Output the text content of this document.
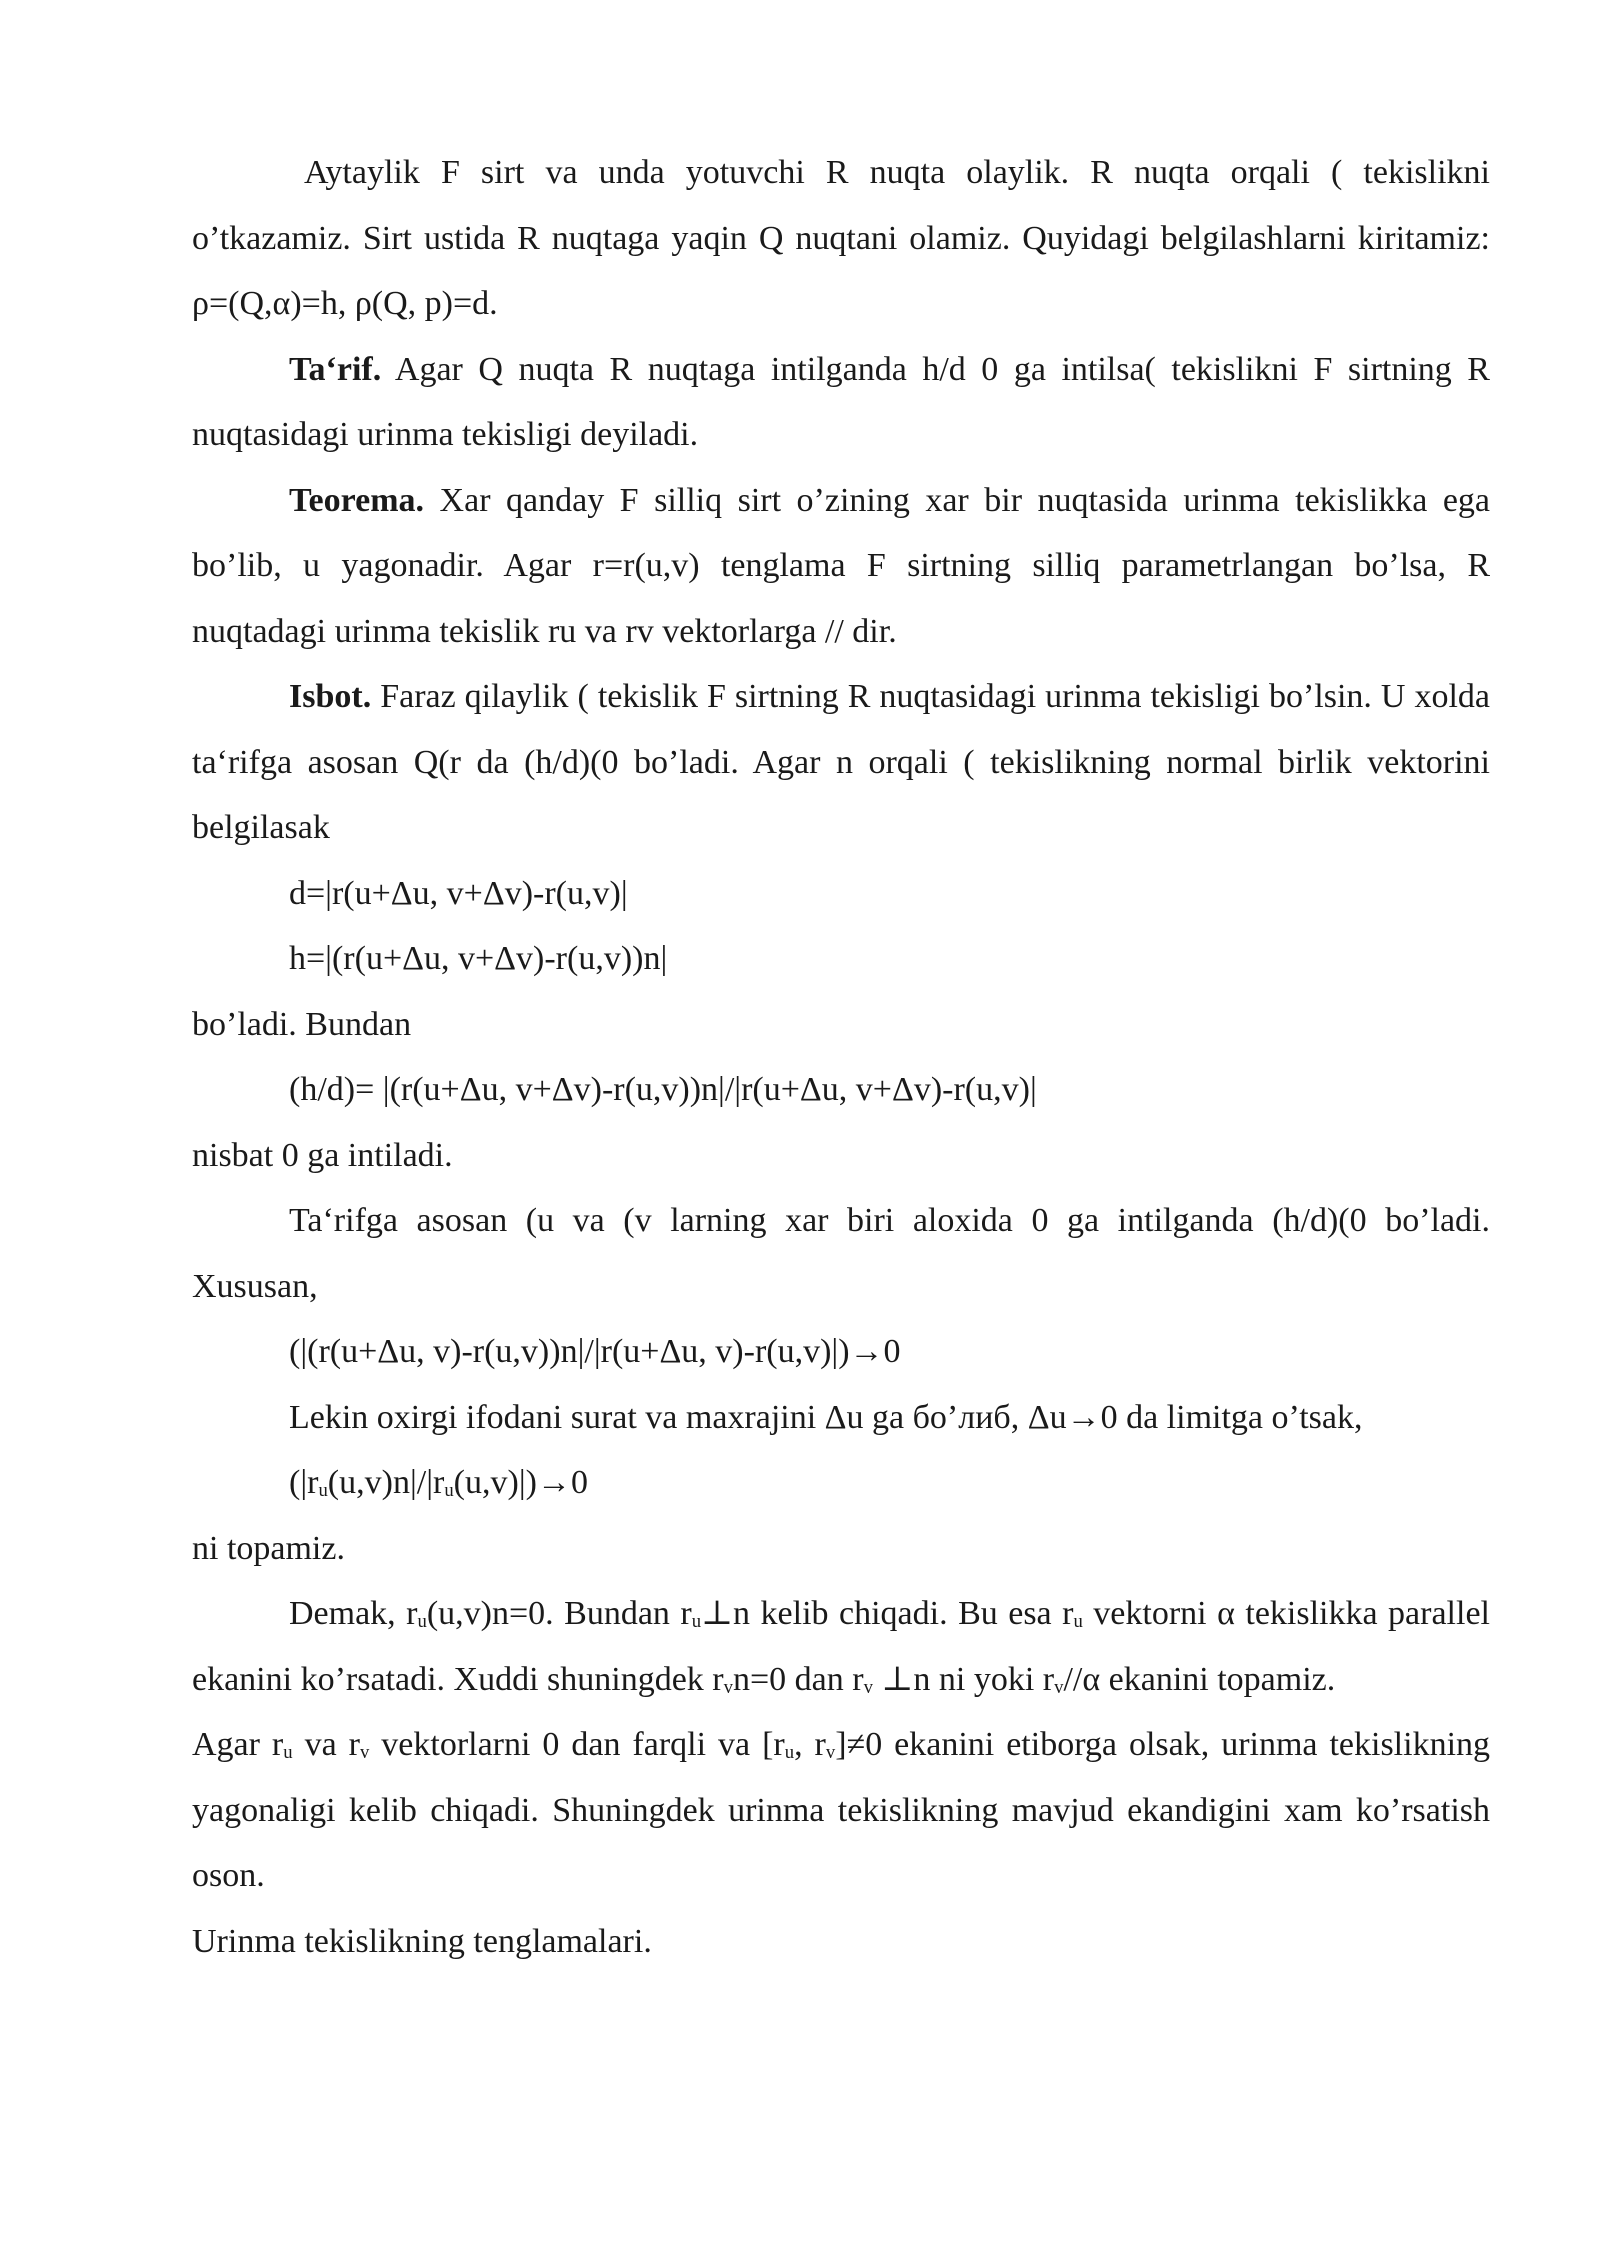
Aytaylik F sirt va unda yotuvchi R nuqta olaylik. R nuqta orqali ( tekislikni o’tkazamiz. Sirt ustida R nuqtaga yaqin Q nuqtani olamiz. Quyidagi belgilashlarni kiritamiz: ρ=(Q,α)=h, ρ(Q, p)=d.

Ta‘rif. Agar Q nuqta R nuqtaga intilganda h/d 0 ga intilsa( tekislikni F sirtning R nuqtasidagi urinma tekisligi deyiladi.

Teorema. Xar qanday F silliq sirt o’zining xar bir nuqtasida urinma tekislikka ega bo’lib, u yagonadir. Agar r=r(u,v) tenglama F sirtning silliq parametrlangan bo’lsa, R nuqtadagi urinma tekislik ru va rv vektorlarga // dir.

Isbot. Faraz qilaylik ( tekislik F sirtning R nuqtasidagi urinma tekisligi bo’lsin. U xolda ta‘rifga asosan Q(r da (h/d)(0 bo’ladi. Agar n orqali ( tekislikning normal birlik vektorini belgilasak

d=|r(u+Δu, v+Δv)-r(u,v)|

h=|(r(u+Δu, v+Δv)-r(u,v))n|

bo’ladi. Bundan

(h/d)= |(r(u+Δu, v+Δv)-r(u,v))n|/|r(u+Δu, v+Δv)-r(u,v)|

nisbat 0 ga intiladi.

Ta‘rifga asosan (u va (v larning xar biri aloxida 0 ga intilganda (h/d)(0 bo’ladi. Xususan,

(|(r(u+Δu, v)-r(u,v))n|/|r(u+Δu, v)-r(u,v)|)→0

Lekin oxirgi ifodani surat va maxrajini Δu ga бо’либ, Δu→0 da limitga o’tsak,

$(|r_u(u,v)n|/|r_u(u,v)|)\to 0$

ni topamiz.

Demak, $r_u(u,v)n=0$. Bundan $r_u\perp n$ kelib chiqadi. Bu esa $r_u$ vektorni α tekislikka parallel ekanini ko’rsatadi. Xuddi shuningdek $r_vn=0$ dan $r_v$ ⊥n ni yoki $r_v//\alpha$ ekanini topamiz.

Agar $r_u$ va $r_v$ vektorlarni 0 dan farqli va [$r_u$, $r_v]\ne 0$ ekanini etiborga olsak, urinma tekislikning yagonaligi kelib chiqadi. Shuningdek urinma tekislikning mavjud ekandigini xam ko’rsatish oson.

Urinma tekislikning tenglamalari.
